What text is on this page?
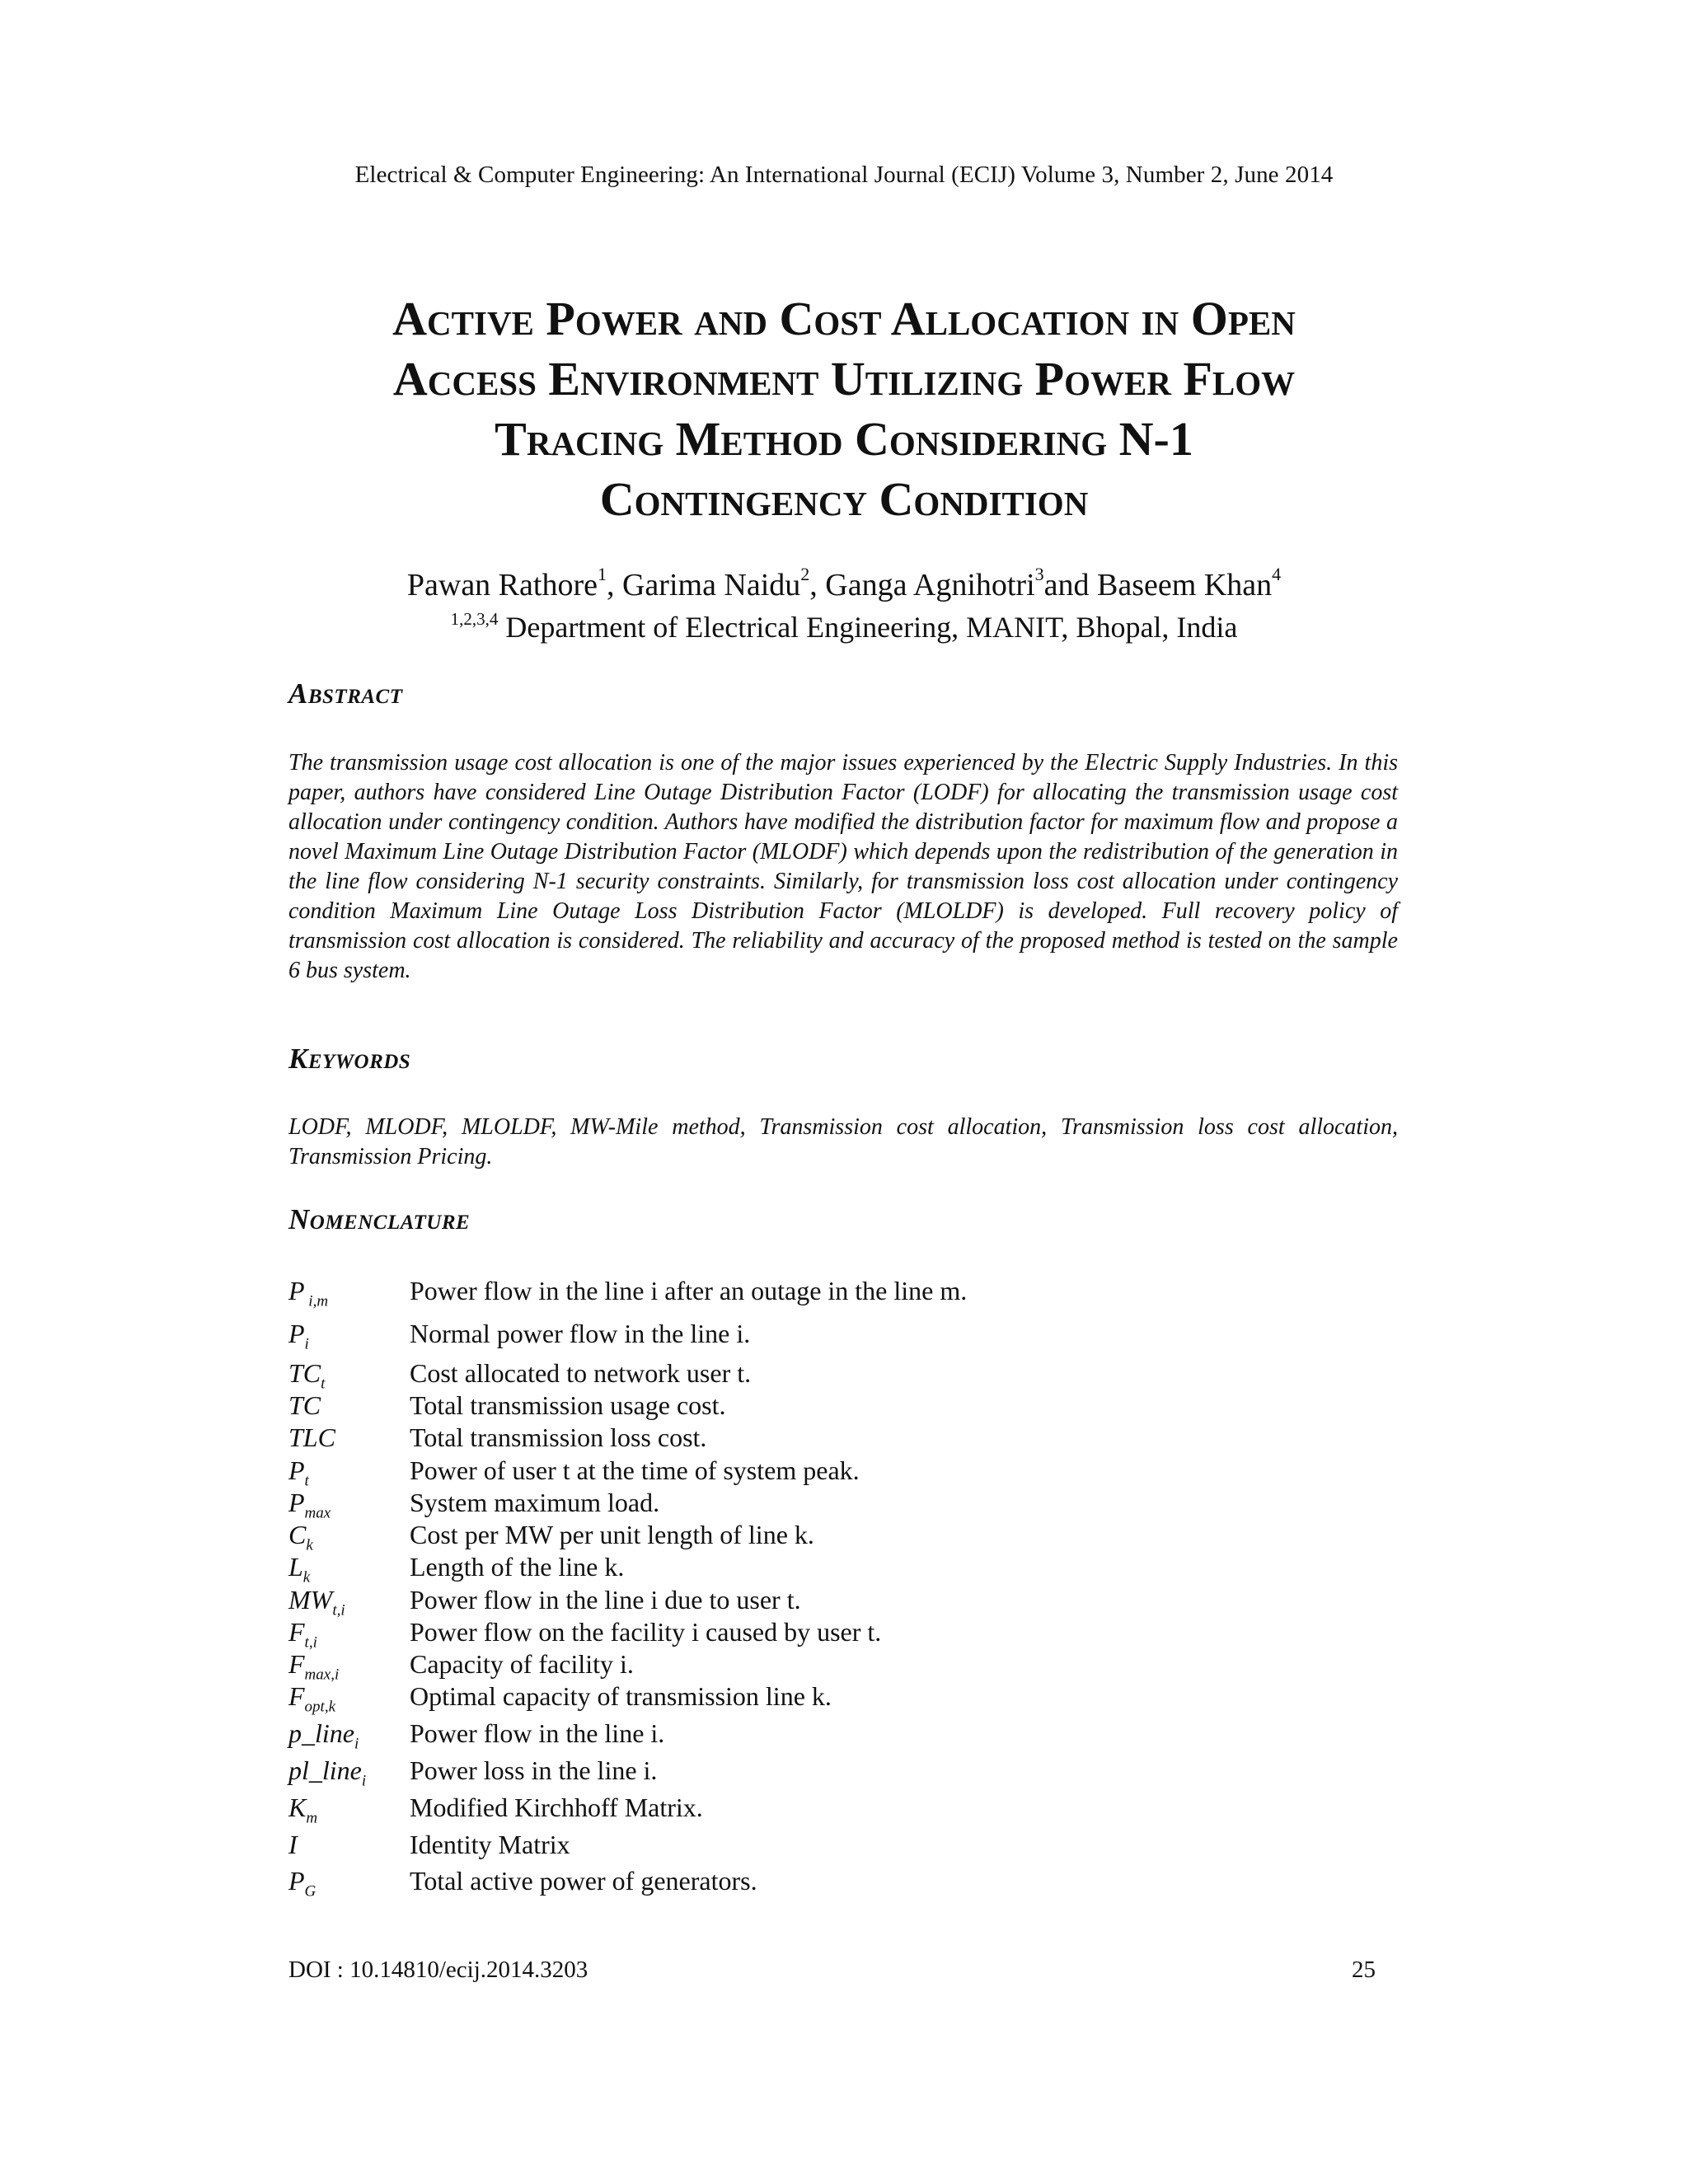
Electrical & Computer Engineering: An International Journal (ECIJ) Volume 3, Number 2, June 2014
Active Power and Cost Allocation in Open
Access Environment Utilizing Power Flow
Tracing Method Considering N-1
Contingency Condition
Pawan Rathore$^1$, Garima Naidu$^2$, Ganga Agnihotri$^3$and Baseem Khan$^4$
$^{1,2,3,4}$ Department of Electrical Engineering, MANIT, Bhopal, India
Abstract
The transmission usage cost allocation is one of the major issues experienced by the Electric Supply Industries. In this paper, authors have considered Line Outage Distribution Factor (LODF) for allocating the transmission usage cost allocation under contingency condition. Authors have modified the distribution factor for maximum flow and propose a novel Maximum Line Outage Distribution Factor (MLODF) which depends upon the redistribution of the generation in the line flow considering N-1 security constraints. Similarly, for transmission loss cost allocation under contingency condition Maximum Line Outage Loss Distribution Factor (MLOLDF) is developed. Full recovery policy of transmission cost allocation is considered. The reliability and accuracy of the proposed method is tested on the sample 6 bus system.
Keywords
LODF, MLODF, MLOLDF, MW-Mile method, Transmission cost allocation, Transmission loss cost allocation, Transmission Pricing.
Nomenclature
P $_{i,m}$	Power flow in the line i after an outage in the line m.
$P_i$	Normal power flow in the line i.
$TC_t$	Cost allocated to network user t.
TC	Total transmission usage cost.
TLC	Total transmission loss cost.
$P_t$	Power of user t at the time of system peak.
$P_{max}$	System maximum load.
$C_k$	Cost per MW per unit length of line k.
$L_k$	Length of the line k.
$MW_{t,i}$ Power flow in the line i due to user t.
$F_{t,i}$	Power flow on the facility i caused by user t.
$F_{max,i}$	Capacity of facility i.
$F_{opt,k}$	Optimal capacity of transmission line k.
p_line$_i$ Power flow in the line i.
pl_line$_i$ Power loss in the line i.
$K_m$	Modified Kirchhoff Matrix.
I	Identity Matrix
$P_G$	Total active power of generators.
DOI : 10.14810/ecij.2014.3203	25
